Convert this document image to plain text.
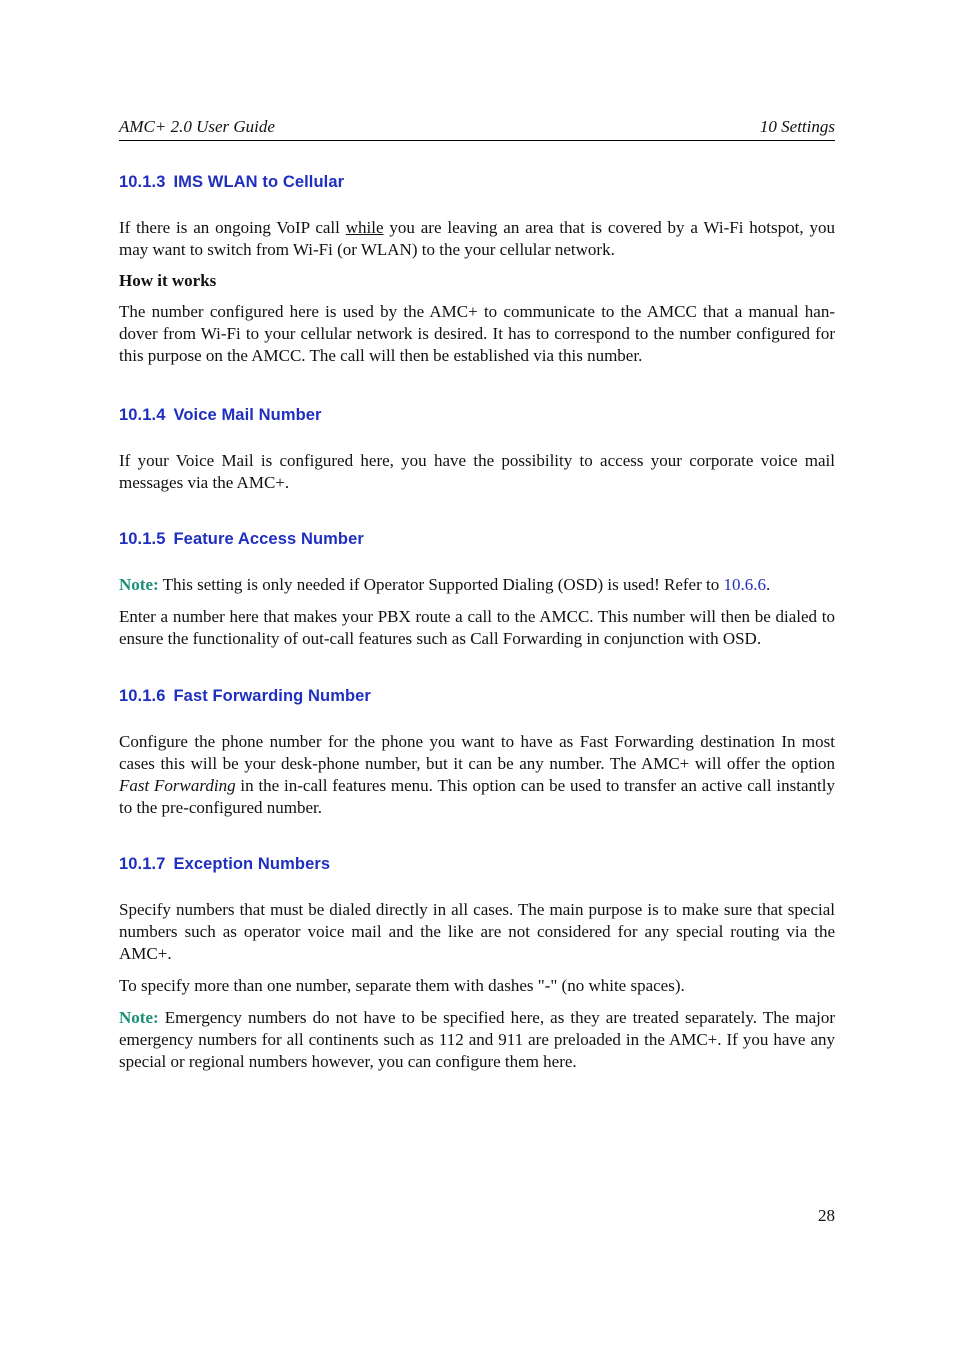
AMC+ 2.0 User Guide	10 Settings
10.1.3 IMS WLAN to Cellular

If there is an ongoing VoIP call while you are leaving an area that is covered by a Wi-Fi hotspot, you may want to switch from Wi-Fi (or WLAN) to the your cellular network.

How it works

The number configured here is used by the AMC+ to communicate to the AMCC that a manual han-dover from Wi-Fi to your cellular network is desired. It has to correspond to the number configured for this purpose on the AMCC. The call will then be established via this number.

10.1.4 Voice Mail Number

If your Voice Mail is configured here, you have the possibility to access your corporate voice mail messages via the AMC+.

10.1.5 Feature Access Number

Note: This setting is only needed if Operator Supported Dialing (OSD) is used! Refer to 10.6.6.

Enter a number here that makes your PBX route a call to the AMCC. This number will then be dialed to ensure the functionality of out-call features such as Call Forwarding in conjunction with OSD.

10.1.6 Fast Forwarding Number

Configure the phone number for the phone you want to have as Fast Forwarding destination In most cases this will be your desk-phone number, but it can be any number. The AMC+ will offer the option Fast Forwarding in the in-call features menu. This option can be used to transfer an active call instantly to the pre-configured number.

10.1.7 Exception Numbers

Specify numbers that must be dialed directly in all cases. The main purpose is to make sure that special numbers such as operator voice mail and the like are not considered for any special routing via the AMC+.

To specify more than one number, separate them with dashes "-" (no white spaces).

Note: Emergency numbers do not have to be specified here, as they are treated separately. The major emergency numbers for all continents such as 112 and 911 are preloaded in the AMC+. If you have any special or regional numbers however, you can configure them here.

28
